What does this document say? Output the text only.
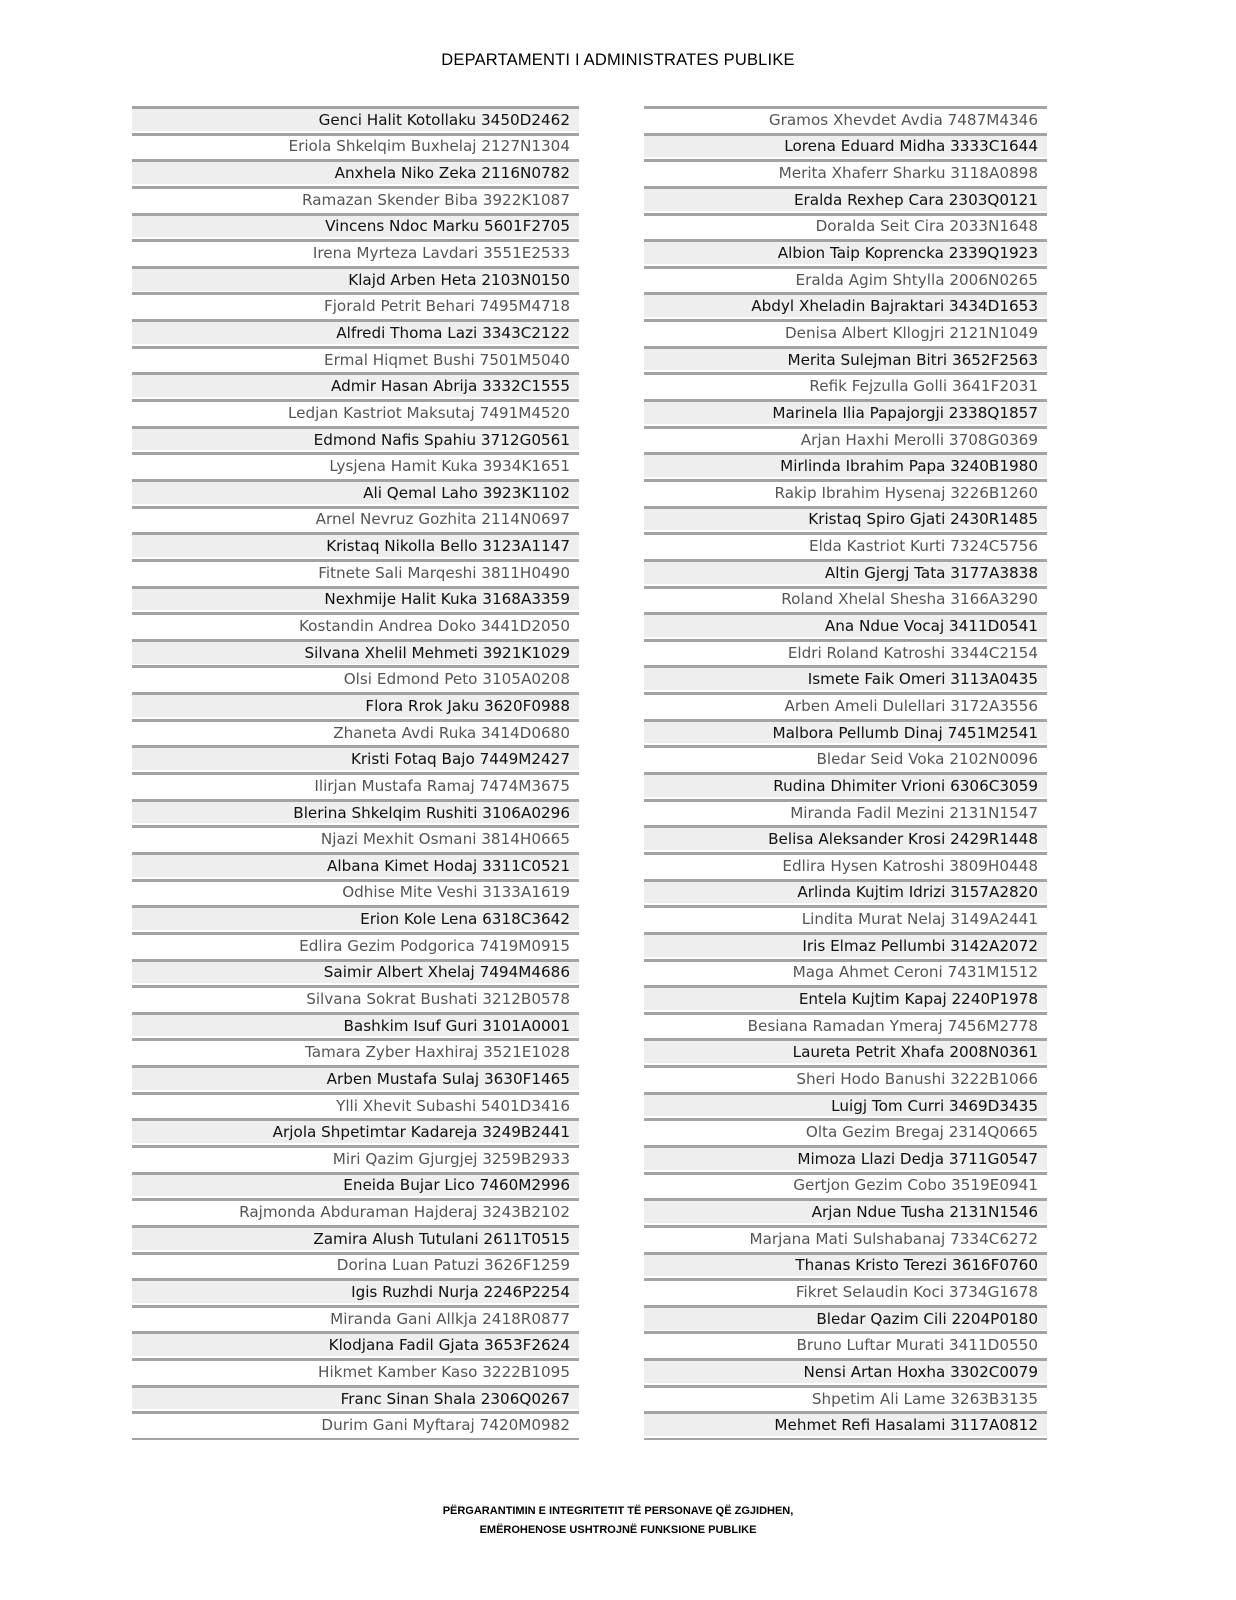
DEPARTAMENTI I ADMINISTRATES PUBLIKE
Genci Halit Kotollaku 3450D2462
Eriola Shkelqim Buxhelaj 2127N1304
Anxhela Niko Zeka 2116N0782
Ramazan Skender Biba 3922K1087
Vincens Ndoc Marku 5601F2705
Irena Myrteza Lavdari 3551E2533
Klajd Arben Heta 2103N0150
Fjorald Petrit Behari 7495M4718
Alfredi Thoma Lazi 3343C2122
Ermal Hiqmet Bushi 7501M5040
Admir Hasan Abrija 3332C1555
Ledjan Kastriot Maksutaj 7491M4520
Edmond Nafis Spahiu 3712G0561
Lysjena Hamit Kuka 3934K1651
Ali Qemal Laho 3923K1102
Arnel Nevruz Gozhita 2114N0697
Kristaq Nikolla Bello 3123A1147
Fitnete Sali Marqeshi 3811H0490
Nexhmije Halit Kuka 3168A3359
Kostandin Andrea Doko 3441D2050
Silvana Xhelil Mehmeti 3921K1029
Olsi Edmond Peto 3105A0208
Flora Rrok Jaku 3620F0988
Zhaneta Avdi Ruka 3414D0680
Kristi Fotaq Bajo 7449M2427
Ilirjan Mustafa Ramaj 7474M3675
Blerina Shkelqim Rushiti 3106A0296
Njazi Mexhit Osmani 3814H0665
Albana Kimet Hodaj 3311C0521
Odhise Mite Veshi 3133A1619
Erion Kole Lena 6318C3642
Edlira Gezim Podgorica 7419M0915
Saimir Albert Xhelaj 7494M4686
Silvana Sokrat Bushati 3212B0578
Bashkim Isuf Guri 3101A0001
Tamara Zyber Haxhiraj 3521E1028
Arben Mustafa Sulaj 3630F1465
Ylli Xhevit Subashi 5401D3416
Arjola Shpetimtar Kadareja 3249B2441
Miri Qazim Gjurgjej 3259B2933
Eneida Bujar Lico 7460M2996
Rajmonda Abduraman Hajderaj 3243B2102
Zamira Alush Tutulani 2611T0515
Dorina Luan Patuzi 3626F1259
Igis Ruzhdi Nurja 2246P2254
Miranda Gani Allkja 2418R0877
Klodjana Fadil Gjata 3653F2624
Hikmet Kamber Kaso 3222B1095
Franc Sinan Shala 2306Q0267
Durim Gani Myftaraj 7420M0982
Gramos Xhevdet Avdia 7487M4346
Lorena Eduard Midha 3333C1644
Merita Xhaferr Sharku 3118A0898
Eralda Rexhep Cara 2303Q0121
Doralda Seit Cira 2033N1648
Albion Taip Koprencka 2339Q1923
Eralda Agim Shtylla 2006N0265
Abdyl Xheladin Bajraktari 3434D1653
Denisa Albert Kllogjri 2121N1049
Merita Sulejman Bitri 3652F2563
Refik Fejzulla Golli 3641F2031
Marinela Ilia Papajorgji 2338Q1857
Arjan Haxhi Merolli 3708G0369
Mirlinda Ibrahim Papa 3240B1980
Rakip Ibrahim Hysenaj 3226B1260
Kristaq Spiro Gjati 2430R1485
Elda Kastriot Kurti 7324C5756
Altin Gjergj Tata 3177A3838
Roland Xhelal Shesha 3166A3290
Ana Ndue Vocaj 3411D0541
Eldri Roland Katroshi 3344C2154
Ismete Faik Omeri 3113A0435
Arben Ameli Dulellari 3172A3556
Malbora Pellumb Dinaj 7451M2541
Bledar Seid Voka 2102N0096
Rudina Dhimiter Vrioni 6306C3059
Miranda Fadil Mezini 2131N1547
Belisa Aleksander Krosi 2429R1448
Edlira Hysen Katroshi 3809H0448
Arlinda Kujtim Idrizi 3157A2820
Lindita Murat Nelaj 3149A2441
Iris Elmaz Pellumbi 3142A2072
Maga Ahmet Ceroni 7431M1512
Entela Kujtim Kapaj 2240P1978
Besiana Ramadan Ymeraj 7456M2778
Laureta Petrit Xhafa 2008N0361
Sheri Hodo Banushi 3222B1066
Luigj Tom Curri 3469D3435
Olta Gezim Bregaj 2314Q0665
Mimoza Llazi Dedja 3711G0547
Gertjon Gezim Cobo 3519E0941
Arjan Ndue Tusha 2131N1546
Marjana Mati Sulshabanaj 7334C6272
Thanas Kristo Terezi 3616F0760
Fikret Selaudin Koci 3734G1678
Bledar Qazim Cili 2204P0180
Bruno Luftar Murati 3411D0550
Nensi Artan Hoxha 3302C0079
Shpetim Ali Lame 3263B3135
Mehmet Refi Hasalami 3117A0812
PËRGARANTIMIN E INTEGRITETIT TË PERSONAVE QË ZGJIDHEN,
EMËROHENOSE USHTROJNË FUNKSIONE PUBLIKE
